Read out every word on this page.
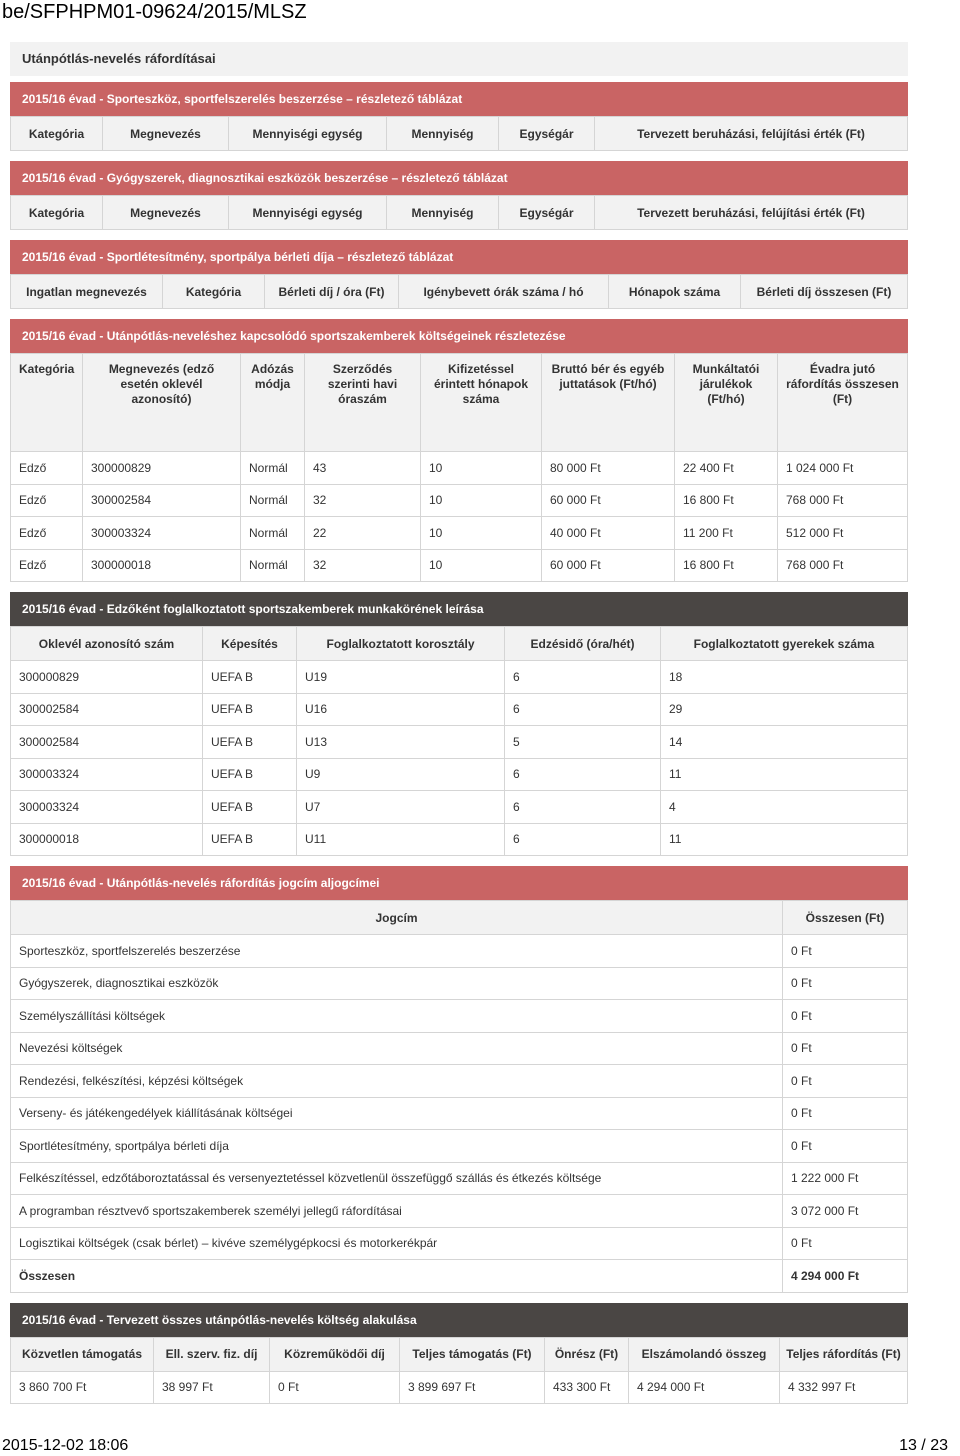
be/SFPHPM01-09624/2015/MLSZ
Utánpótlás-nevelés ráfordításai
2015/16 évad - Sporteszköz, sportfelszerelés beszerzése – részletező táblázat
Kategória	Megnevezés	Mennyiségi egység	Mennyiség	Egységár	Tervezett beruházási, felújítási érték (Ft)
2015/16 évad - Gyógyszerek, diagnosztikai eszközök beszerzése – részletező táblázat
Kategória	Megnevezés	Mennyiségi egység	Mennyiség	Egységár	Tervezett beruházási, felújítási érték (Ft)
2015/16 évad - Sportlétesítmény, sportpálya bérleti díja – részletező táblázat
Ingatlan megnevezés	Kategória	Bérleti díj / óra (Ft)	Igénybevett órák száma / hó	Hónapok száma	Bérleti díj összesen (Ft)
2015/16 évad - Utánpótlás-neveléshez kapcsolódó sportszakemberek költségeinek részletezése
Kategória	Megnevezés (edző esetén oklevél azonosító)	Adózás módja	Szerződés szerinti havi óraszám	Kifizetéssel érintett hónapok száma	Bruttó bér és egyéb juttatások (Ft/hó)	Munkáltatói járulékok (Ft/hó)	Évadra jutó ráfordítás összesen (Ft)
Edző	300000829	Normál	43	10	80 000 Ft	22 400 Ft	1 024 000 Ft
Edző	300002584	Normál	32	10	60 000 Ft	16 800 Ft	768 000 Ft
Edző	300003324	Normál	22	10	40 000 Ft	11 200 Ft	512 000 Ft
Edző	300000018	Normál	32	10	60 000 Ft	16 800 Ft	768 000 Ft
2015/16 évad - Edzőként foglalkoztatott sportszakemberek munkakörének leírása
Oklevél azonosító szám	Képesítés	Foglalkoztatott korosztály	Edzésidő (óra/hét)	Foglalkoztatott gyerekek száma
300000829	UEFA B	U19	6	18
300002584	UEFA B	U16	6	29
300002584	UEFA B	U13	5	14
300003324	UEFA B	U9	6	11
300003324	UEFA B	U7	6	4
300000018	UEFA B	U11	6	11
2015/16 évad - Utánpótlás-nevelés ráfordítás jogcím aljogcímei
Jogcím	Összesen (Ft)
Sporteszköz, sportfelszerelés beszerzése	0 Ft
Gyógyszerek, diagnosztikai eszközök	0 Ft
Személyszállítási költségek	0 Ft
Nevezési költségek	0 Ft
Rendezési, felkészítési, képzési költségek	0 Ft
Verseny- és játékengedélyek kiállításának költségei	0 Ft
Sportlétesítmény, sportpálya bérleti díja	0 Ft
Felkészítéssel, edzőtáboroztatással és versenyeztetéssel közvetlenül összefüggő szállás és étkezés költsége	1 222 000 Ft
A programban résztvevő sportszakemberek személyi jellegű ráfordításai	3 072 000 Ft
Logisztikai költségek (csak bérlet) – kivéve személygépkocsi és motorkerékpár	0 Ft
Összesen	4 294 000 Ft
2015/16 évad - Tervezett összes utánpótlás-nevelés költség alakulása
Közvetlen támogatás	Ell. szerv. fiz. díj	Közreműködői díj	Teljes támogatás (Ft)	Önrész (Ft)	Elszámolandó összeg	Teljes ráfordítás (Ft)
3 860 700 Ft	38 997 Ft	0 Ft	3 899 697 Ft	433 300 Ft	4 294 000 Ft	4 332 997 Ft
2015-12-02 18:06	13 / 23
